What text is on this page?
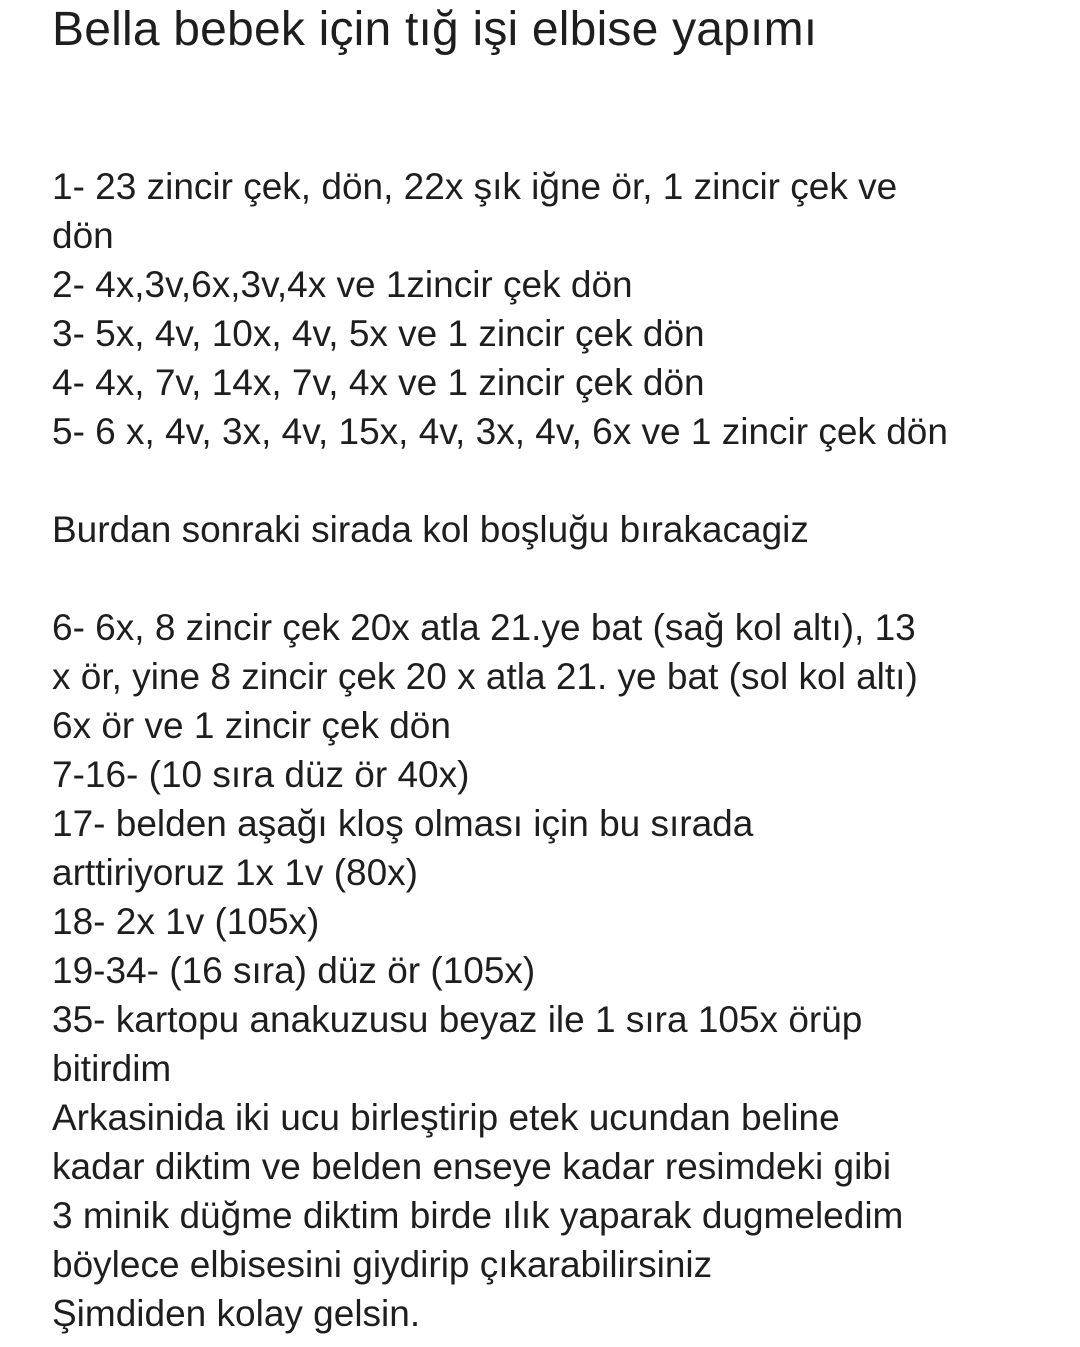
Bella bebek için tığ işi elbise yapımı
1- 23 zincir çek, dön, 22x şık iğne ör, 1 zincir çek ve
dön
2- 4x,3v,6x,3v,4x ve 1zincir çek dön
3- 5x, 4v, 10x, 4v, 5x ve 1 zincir çek dön
4- 4x, 7v, 14x, 7v, 4x ve 1 zincir çek dön
5- 6 x, 4v, 3x, 4v, 15x, 4v, 3x, 4v, 6x ve 1 zincir çek dön
Burdan sonraki sirada kol boşluğu bırakacagiz
6- 6x, 8 zincir çek 20x atla 21.ye bat (sağ kol altı), 13
x ör, yine 8 zincir çek 20 x atla 21. ye bat (sol kol altı)
6x ör ve 1 zincir çek dön
7-16- (10 sıra düz ör 40x)
17- belden aşağı kloş olması için bu sırada
arttiriyoruz 1x 1v (80x)
18- 2x 1v (105x)
19-34- (16 sıra) düz ör (105x)
35- kartopu anakuzusu beyaz ile 1 sıra 105x örüp
bitirdim
Arkasinida iki ucu birleştirip etek ucundan beline
kadar diktim ve belden enseye kadar resimdeki gibi
3 minik düğme diktim birde ılık yaparak dugmeledim
böylece elbisesini giydirip çıkarabilirsiniz
Şimdiden kolay gelsin.
